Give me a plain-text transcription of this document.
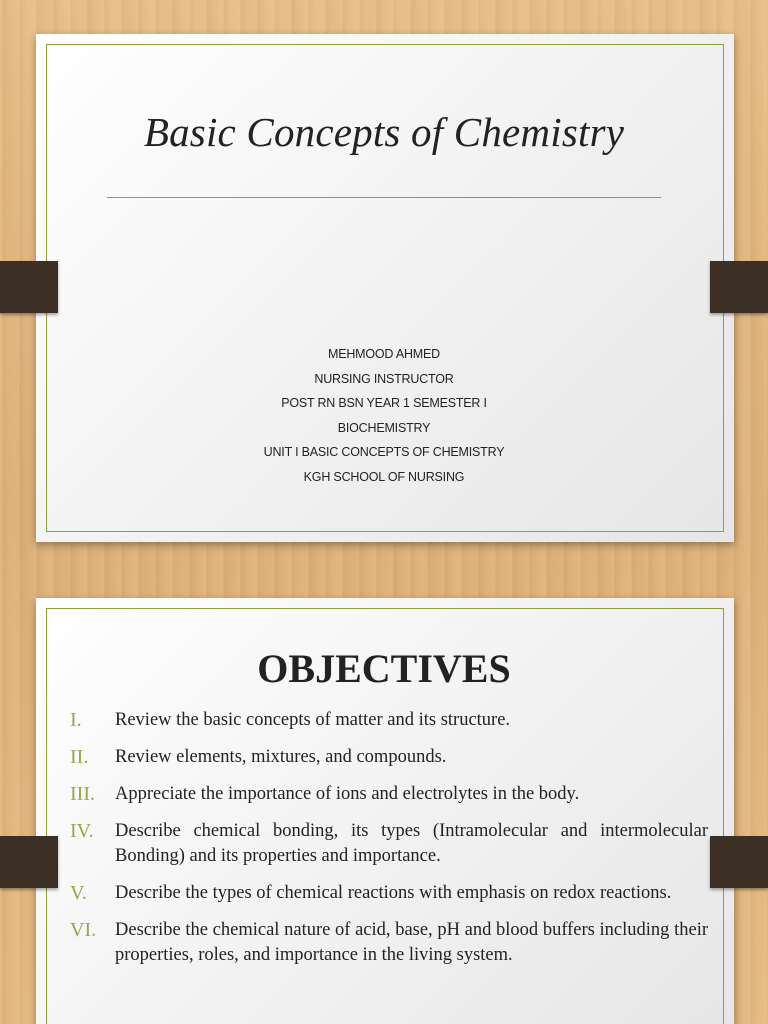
Basic Concepts of Chemistry
MEHMOOD AHMED
NURSING INSTRUCTOR
POST RN BSN YEAR 1 SEMESTER I
BIOCHEMISTRY
UNIT I BASIC CONCEPTS OF CHEMISTRY
KGH SCHOOL OF NURSING
OBJECTIVES
I.	Review the basic concepts of matter and its structure.
II.	Review elements, mixtures, and compounds.
III.	Appreciate the importance of ions and electrolytes in the body.
IV.	Describe chemical bonding, its types (Intramolecular and intermolecular Bonding) and its properties and importance.
V.	Describe the types of chemical reactions with emphasis on redox reactions.
VI.	Describe the chemical nature of acid, base, pH and blood buffers including their properties, roles, and importance in the living system.
